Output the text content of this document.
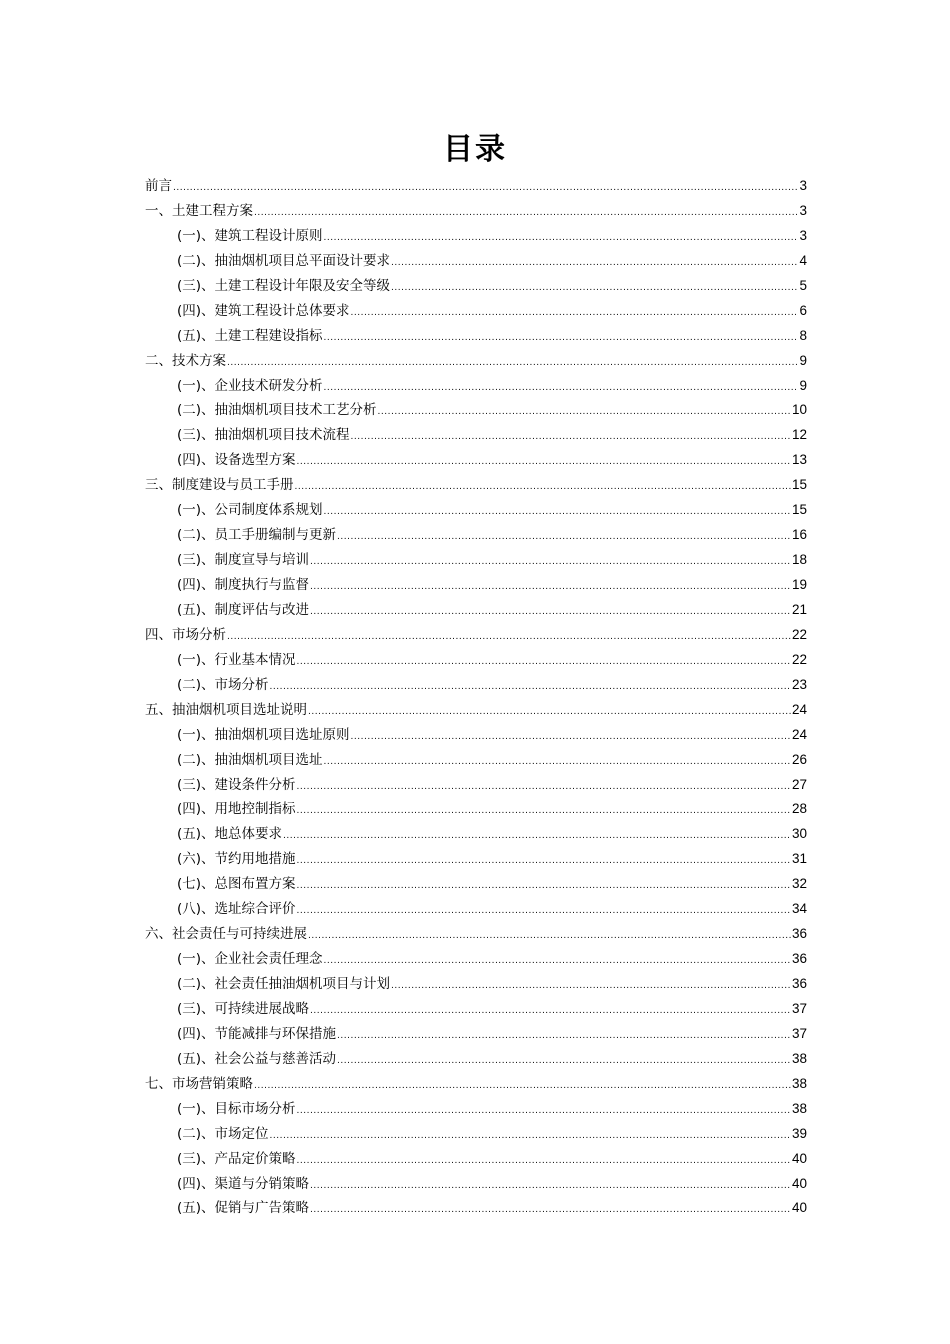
目录
前言 .....	3
一、土建工程方案 .....	3
(一)、建筑工程设计原则 .....	3
(二)、抽油烟机项目总平面设计要求 .....	4
(三)、土建工程设计年限及安全等级 .....	5
(四)、建筑工程设计总体要求 .....	6
(五)、土建工程建设指标 .....	8
二、技术方案 .....	9
(一)、企业技术研发分析 .....	9
(二)、抽油烟机项目技术工艺分析 .....	10
(三)、抽油烟机项目技术流程 .....	12
(四)、设备选型方案 .....	13
三、制度建设与员工手册 .....	15
(一)、公司制度体系规划 .....	15
(二)、员工手册编制与更新 .....	16
(三)、制度宣导与培训 .....	18
(四)、制度执行与监督 .....	19
(五)、制度评估与改进 .....	21
四、市场分析 .....	22
(一)、行业基本情况 .....	22
(二)、市场分析 .....	23
五、抽油烟机项目选址说明 .....	24
(一)、抽油烟机项目选址原则 .....	24
(二)、抽油烟机项目选址 .....	26
(三)、建设条件分析 .....	27
(四)、用地控制指标 .....	28
(五)、地总体要求 .....	30
(六)、节约用地措施 .....	31
(七)、总图布置方案 .....	32
(八)、选址综合评价 .....	34
六、社会责任与可持续进展 .....	36
(一)、企业社会责任理念 .....	36
(二)、社会责任抽油烟机项目与计划 .....	36
(三)、可持续进展战略 .....	37
(四)、节能减排与环保措施 .....	37
(五)、社会公益与慈善活动 .....	38
七、市场营销策略 .....	38
(一)、目标市场分析 .....	38
(二)、市场定位 .....	39
(三)、产品定价策略 .....	40
(四)、渠道与分销策略 .....	40
(五)、促销与广告策略 .....	40
